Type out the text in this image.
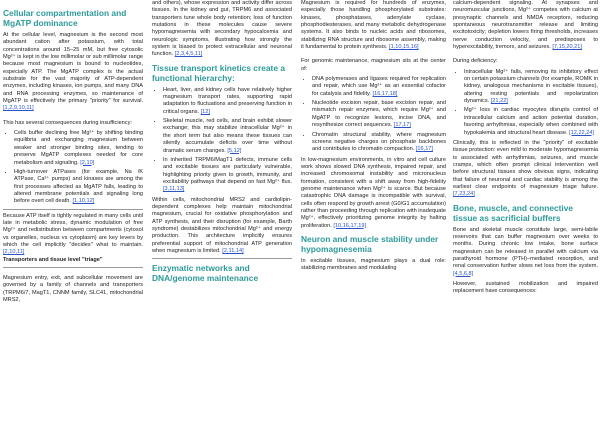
Cellular compartmentation and MgATP dominance

At the cellular level, magnesium is the second most abundant cation after potassium, with total concentrations around 15–25 mM, but free cytosolic Mg²⁺ is kept in the low millimolar or sub millimolar range because most magnesium is bound to nucleotides, especially ATP. The MgATP complex is the actual substrate for the vast majority of ATP-dependent enzymes, including kinases, ion pumps, and many DNA and RNA processing enzymes, so maintenance of MgATP is effectively the primary "priority" for survival. [1,2,9,10,11]

This has several consequences during insufficiency:

• Cells buffer declining free Mg²⁺ by shifting binding equilibria and exchanging magnesium between weaker and stronger binding sites, tending to preserve MgATP complexes needed for core metabolism and signaling. [2,10]
• High-turnover ATPases (for example, Na /K ATPase, Ca²⁺ pumps) and kinases are among the first processes affected as MgATP falls, leading to altered membrane potentials and signaling long before overt cell death. [1,10,12]

Because ATP itself is tightly regulated in many cells until late in metabolic stress, dynamic modulation of free Mg²⁺ and redistribution between compartments (cytosol vs organelles, nucleus vs cytoplasm) are key levers by which the cell implicitly "decides" what to maintain. [2,10,11]
Transporters and tissue level "triage"

Magnesium entry, exit, and subcellular movement are governed by a family of channels and transporters (TRPM6/7, MagT1, CNNM family, SLC41, mitochondrial MRS2,

and others), whose expression and activity differ across tissues. In the kidney and gut, TRPM6 and associated transporters tune whole body retention; loss of function mutations in these molecules cause severe hypomagnesemia with secondary hypocalcemia and neurologic symptoms, illustrating how strongly the system is biased to protect extracellular and neuronal function. [2,3,4,5,11]

Tissue transport kinetics create a functional hierarchy:
• Heart, liver, and kidney cells have relatively higher magnesium transport rates, supporting rapid adaptation to fluctuations and preserving function in critical organs. [12]
• Skeletal muscle, red cells, and brain exhibit slower exchange; this may stabilize intracellular Mg²⁺ in the short term but also means these tissues can silently accumulate deficits over time without dramatic serum changes. [5,12]
• In inherited TRPM6/MagT1 defects, immune cells and excitable tissues are particularly vulnerable, highlighting priority given to growth, immunity, and excitability pathways that depend on fast Mg²⁺ flux. [3,11,13]

Within cells, mitochondrial MRS2 and cardiolipin-dependent complexes help maintain mitochondrial magnesium, crucial for oxidative phosphorylation and ATP synthesis, and their disruption (for example, Barth syndrome) destabilizes mitochondrial Mg²⁺ and energy production. This architecture implicitly ensures preferential support of mitochondrial ATP generation when magnesium is limited. [2,11,14]

Enzymatic networks and DNA/genome maintenance

Magnesium is required for hundreds of enzymes, especially those handling phosphorylated substrates: kinases, phosphatases, adenylate cyclase, phosphodiesterases, and many metabolic dehydrogenase systems. It also binds to nucleic acids and ribosomes, stabilizing RNA structure and ribosome assembly, making it fundamental to protein synthesis. [1,10,15,16]

For genomic maintenance, magnesium sits at the center of:

• DNA polymerases and ligases required for replication and repair, which use Mg²⁺ as an essential cofactor for catalysis and fidelity. [16,17,18]
• Nucleotide excision repair, base excision repair, and mismatch repair enzymes, which require Mg²⁺ and MgATP to recognize lesions, incise DNA, and resynthesize correct sequences. [17,17]
• Chromatin structural stability, where magnesium screens negative charges on phosphate backbones and contributes to chromatin compaction. [16,17]

In low-magnesium environments, in vitro and cell culture work shows slowed DNA synthesis, impaired repair, and increased chromosomal instability and micronucleus formation, consistent with a shift away from high-fidelity genome maintenance when Mg²⁺ is scarce. But because catastrophic DNA damage is incompatible with survival, cells often respond by growth arrest (G0/G1 accumulation) rather than proceeding through replication with inadequate Mg²⁺, effectively prioritizing genome integrity by halting proliferation. [10,16,17,19]

Neuron and muscle stability under hypomagnesemia

In excitable tissues, magnesium plays a dual role: stabilizing membranes and modulating

calcium-dependent signaling. At synapses and neuromuscular junctions, Mg²⁺ competes with calcium at presynaptic channels and NMDA receptors, reducing spontaneous neurotransmitter release and limiting excitotoxicity; depletion lowers firing thresholds, increases nerve conduction velocity, and predisposes to hyperexcitability, tremors, and seizures. [7,15,20,21]

During deficiency:

• Intracellular Mg²⁺ falls, removing its inhibitory effect on certain potassium channels (for example, ROMK in kidney, analogous mechanisms in excitable tissues), altering resting potentials and repolarization dynamics. [21,22]
• Mg²⁺ loss in cardiac myocytes disrupts control of intracellular calcium and action potential duration, favoring arrhythmias, especially when combined with hypokalemia and structural heart disease. [12,22,24]

Clinically, this is reflected in the "priority" of excitable tissue protection: even mild to moderate hypomagnesemia is associated with arrhythmias, seizures, and muscle cramps, which often prompt clinical intervention well before structural tissues show obvious signs, indicating that failure of neuronal and cardiac stability is among the earliest clear endpoints of magnesium triage failure. [7,23,24]

Bone, muscle, and connective tissue as sacrificial buffers

Bone and skeletal muscle constitute large, semi-labile reservoirs that can buffer magnesium over weeks to months. During chronic low intake, bone surface magnesium can be released in parallel with calcium via parathyroid hormone (PTH)–mediated resorption, and renal conservation further slows net loss from the system. [4,5,6,8]

However, sustained mobilization and impaired replacement have consequences:
